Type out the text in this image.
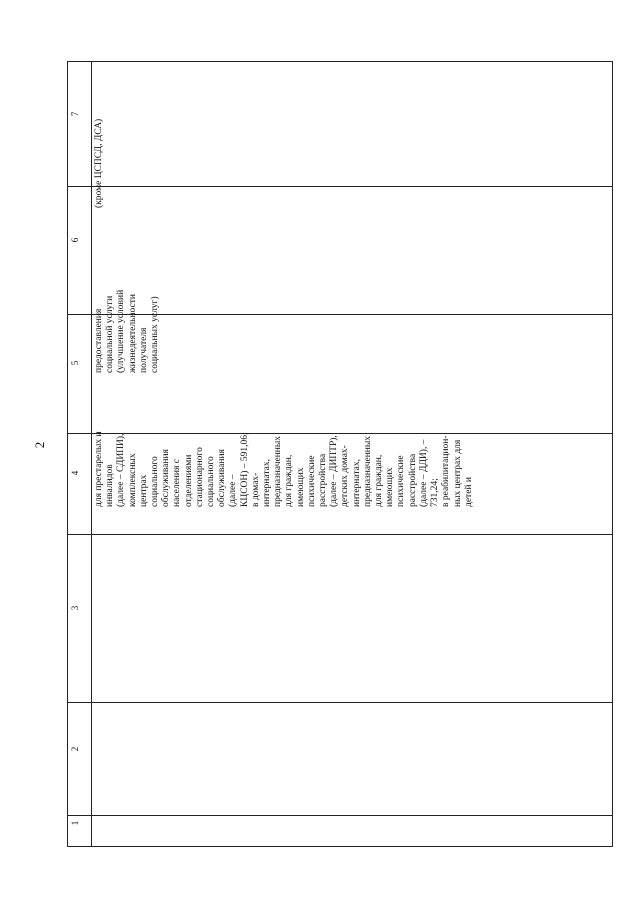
2
7
6
5
4
3
2
1
(кроме ЦСПСД, ДСА)
предоставления социальной услуги (улучшение условий жизнедеятельности получателя социальных услуг)
для престарелых и инвалидов (далее – СДИПИ), комплексных центрах социального обслуживания населения с отделениями стационарного социального обслуживания (далее – КЦСОН) – 591,06; в домах- интернатах, предназначенных для граждан, имеющих психические расстройства (далее – ДИПТР), детских домах- интернатах, предназначенных для граждан, имеющих психические расстройства (далее – ДДИ), – 731,24; в реабилитацион- ных центрах для детей и
